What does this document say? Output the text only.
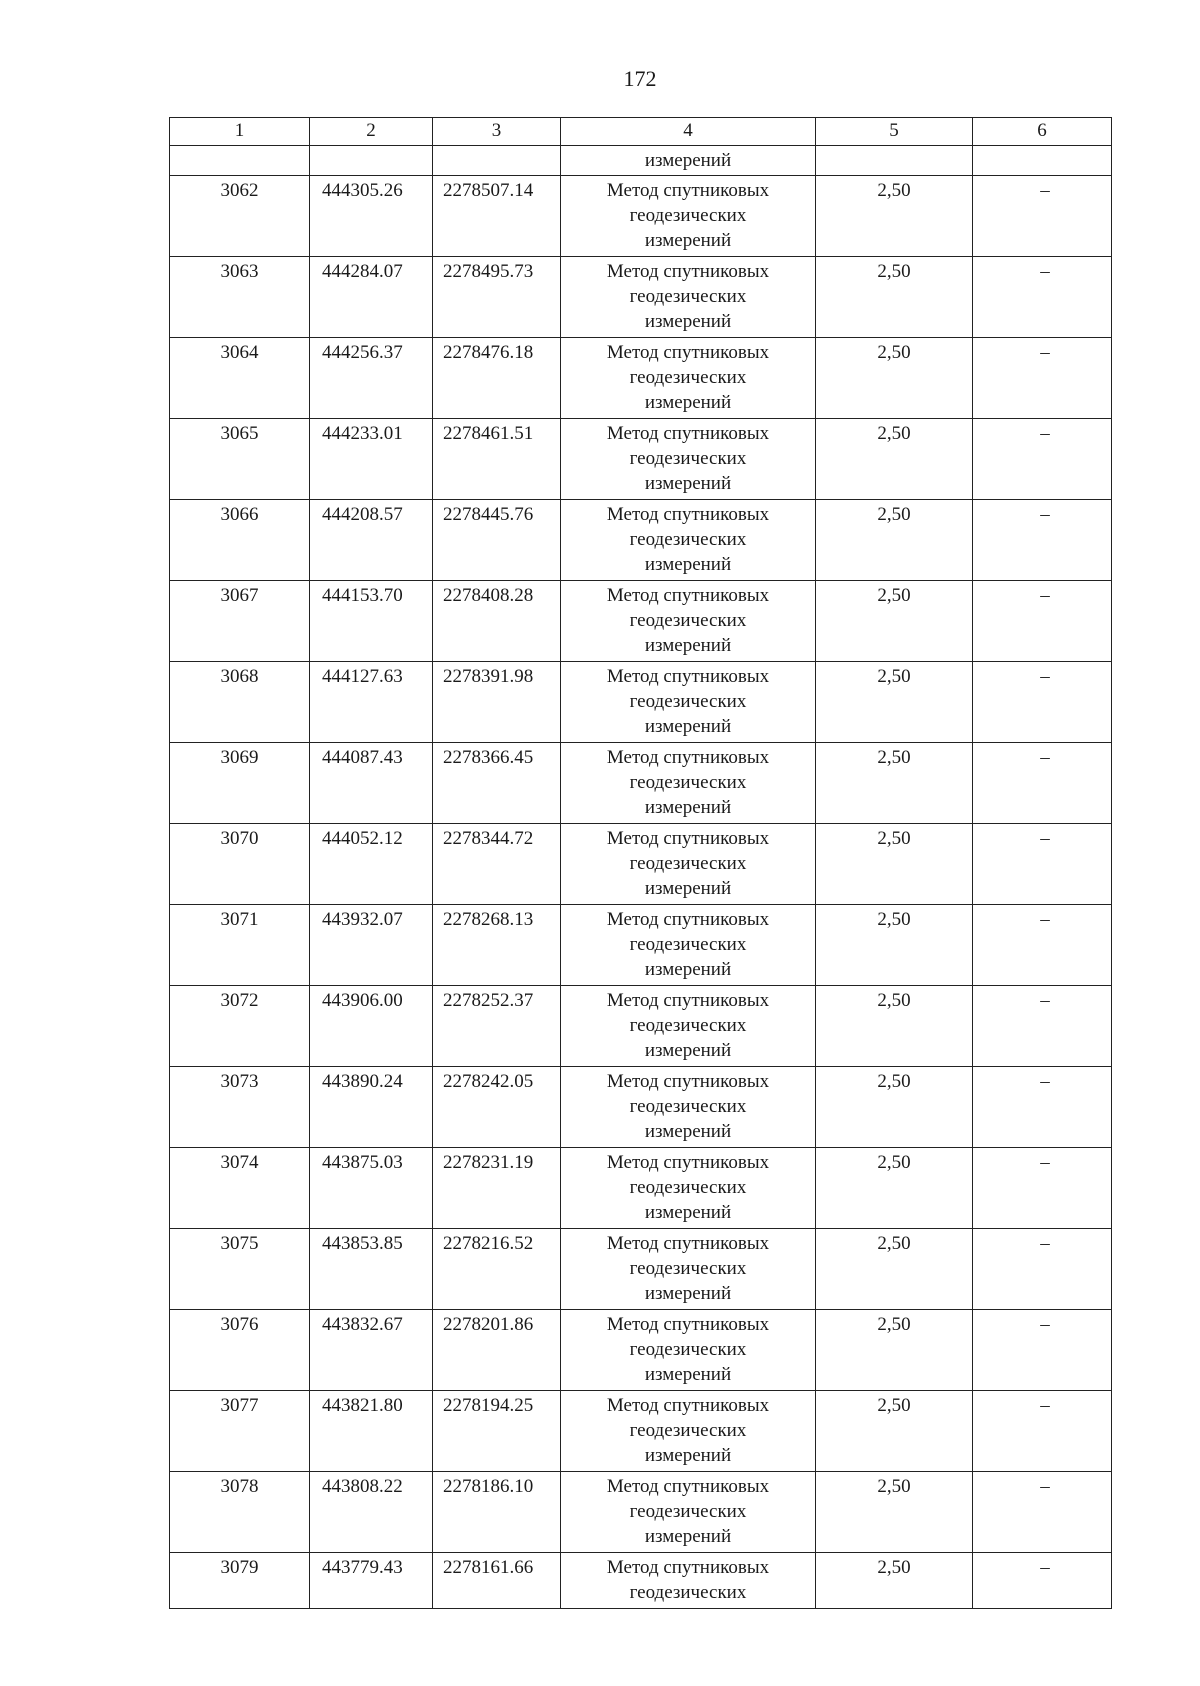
172
1	2	3	4	5	6
			измерений		
3062	444305.26	2278507.14	Метод спутниковых
геодезических
измерений	2,50	–
3063	444284.07	2278495.73	Метод спутниковых
геодезических
измерений	2,50	–
3064	444256.37	2278476.18	Метод спутниковых
геодезических
измерений	2,50	–
3065	444233.01	2278461.51	Метод спутниковых
геодезических
измерений	2,50	–
3066	444208.57	2278445.76	Метод спутниковых
геодезических
измерений	2,50	–
3067	444153.70	2278408.28	Метод спутниковых
геодезических
измерений	2,50	–
3068	444127.63	2278391.98	Метод спутниковых
геодезических
измерений	2,50	–
3069	444087.43	2278366.45	Метод спутниковых
геодезических
измерений	2,50	–
3070	444052.12	2278344.72	Метод спутниковых
геодезических
измерений	2,50	–
3071	443932.07	2278268.13	Метод спутниковых
геодезических
измерений	2,50	–
3072	443906.00	2278252.37	Метод спутниковых
геодезических
измерений	2,50	–
3073	443890.24	2278242.05	Метод спутниковых
геодезических
измерений	2,50	–
3074	443875.03	2278231.19	Метод спутниковых
геодезических
измерений	2,50	–
3075	443853.85	2278216.52	Метод спутниковых
геодезических
измерений	2,50	–
3076	443832.67	2278201.86	Метод спутниковых
геодезических
измерений	2,50	–
3077	443821.80	2278194.25	Метод спутниковых
геодезических
измерений	2,50	–
3078	443808.22	2278186.10	Метод спутниковых
геодезических
измерений	2,50	–
3079	443779.43	2278161.66	Метод спутниковых
геодезических	2,50	–
